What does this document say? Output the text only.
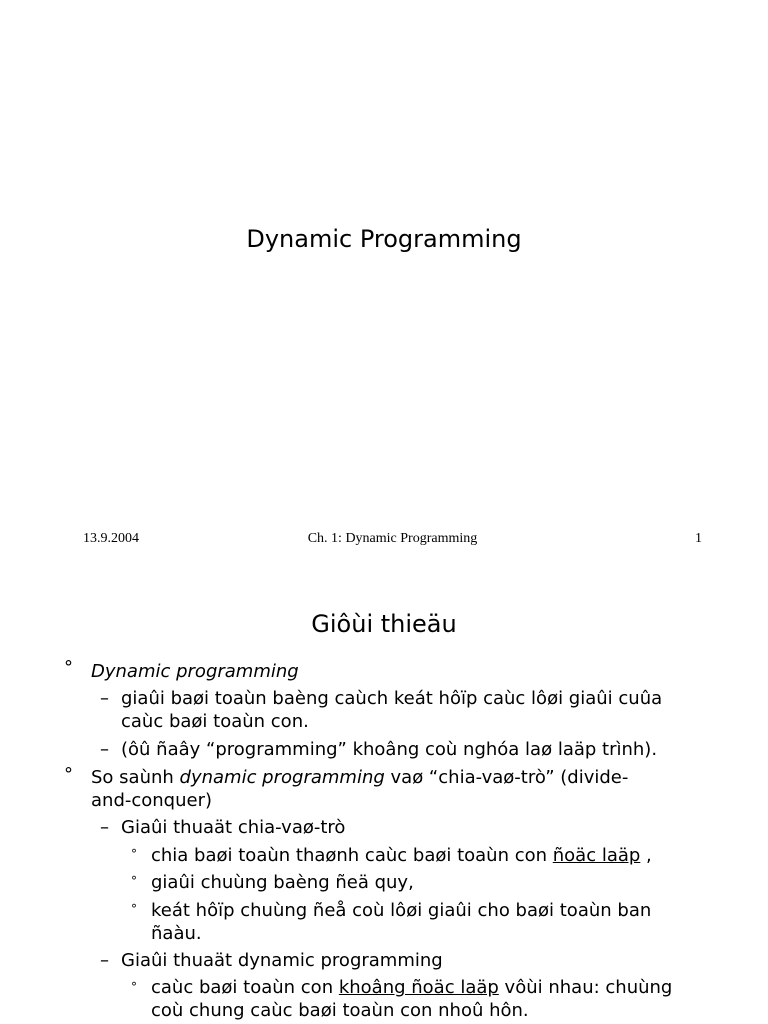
Dynamic Programming
13.9.2004	Ch. 1: Dynamic Programming	1
Giôùi thieäu
° Dynamic programming
– giaûi baøi toaùn baèng caùch keát hôïp caùc lôøi giaûi cuûa
caùc baøi toaùn con.
– (ôû ñaây “programming” khoâng coù nghóa laø laäp trình).
° So saùnh dynamic programming vaø “chia-vaø-trò” (divide-
and-conquer)
– Giaûi thuaät chia-vaø-trò
° chia baøi toaùn thaønh caùc baøi toaùn con ñoäc laäp ,
° giaûi chuùng baèng ñeä quy,
° keát hôïp chuùng ñeå coù lôøi giaûi cho baøi toaùn ban
ñaàu.
– Giaûi thuaät dynamic programming
° caùc baøi toaùn con khoâng ñoäc laäp vôùi nhau: chuùng
coù chung caùc baøi toaùn con nhoû hôn.
